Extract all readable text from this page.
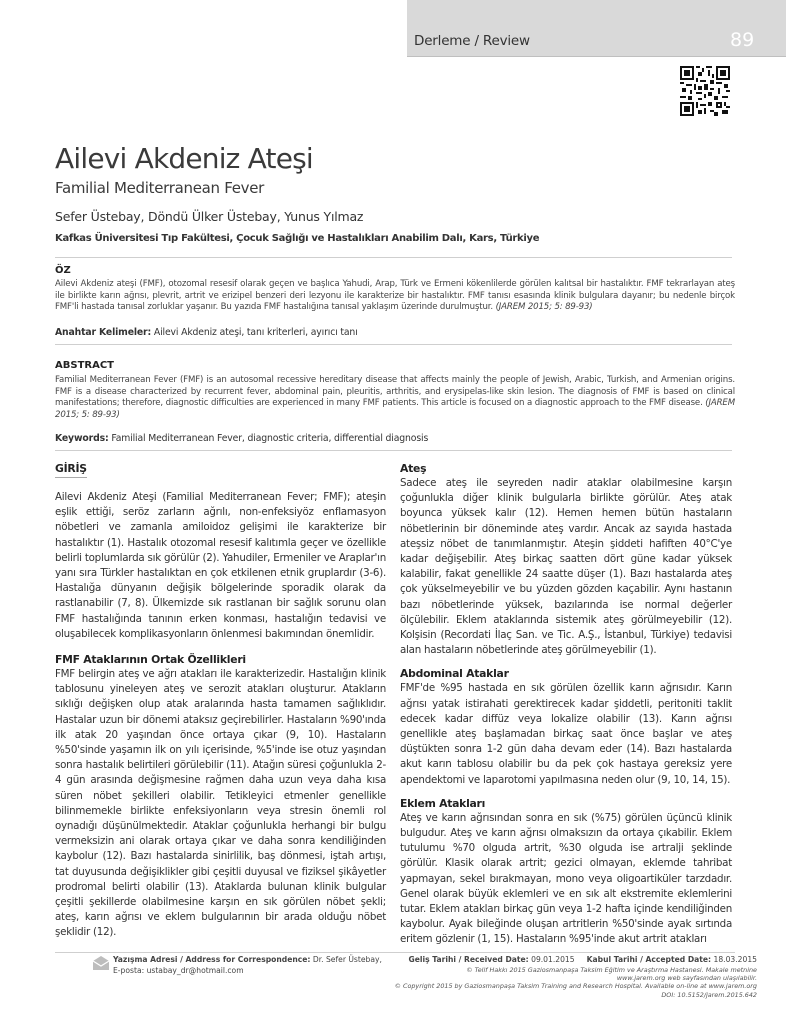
Derleme / Review	89
Ailevi Akdeniz Ateşi
Familial Mediterranean Fever
Sefer Üstebay, Döndü Ülker Üstebay, Yunus Yılmaz
Kafkas Üniversitesi Tıp Fakültesi, Çocuk Sağlığı ve Hastalıkları Anabilim Dalı, Kars, Türkiye
ÖZ
Ailevi Akdeniz ateşi (FMF), otozomal resesif olarak geçen ve başlıca Yahudi, Arap, Türk ve Ermeni kökenlilerde görülen kalıtsal bir hastalıktır. FMF tekrarlayan ateş ile birlikte karın ağrısı, plevrit, artrit ve erizipel benzeri deri lezyonu ile karakterize bir hastalıktır. FMF tanısı esasında klinik bulgulara dayanır; bu nedenle birçok FMF'li hastada tanısal zorluklar yaşanır. Bu yazıda FMF hastalığına tanısal yaklaşım üzerinde durulmuştur. (JAREM 2015; 5: 89-93)
Anahtar Kelimeler: Ailevi Akdeniz ateşi, tanı kriterleri, ayırıcı tanı
ABSTRACT
Familial Mediterranean Fever (FMF) is an autosomal recessive hereditary disease that affects mainly the people of Jewish, Arabic, Turkish, and Armenian origins. FMF is a disease characterized by recurrent fever, abdominal pain, pleuritis, arthritis, and erysipelas-like skin lesion. The diagnosis of FMF is based on clinical manifestations; therefore, diagnostic difficulties are experienced in many FMF patients. This article is focused on a diagnostic approach to the FMF disease. (JAREM 2015; 5: 89-93)
Keywords: Familial Mediterranean Fever, diagnostic criteria, differential diagnosis
GİRİŞ

Ailevi Akdeniz Ateşi (Familial Mediterranean Fever; FMF); ateşin eşlik ettiği, seröz zarların ağrılı, non-enfeksiyöz enflamasyon nöbetleri ve zamanla amiloidoz gelişimi ile karakterize bir hastalıktır (1). Hastalık otozomal resesif kalıtımla geçer ve özellikle belirli toplumlarda sık görülür (2). Yahudiler, Ermeniler ve Araplar'ın yanı sıra Türkler hastalıktan en çok etkilenen etnik gruplardır (3-6). Hastalığa dünyanın değişik bölgelerinde sporadik olarak da rastlanabilir (7, 8). Ülkemizde sık rastlanan bir sağlık sorunu olan FMF hastalığında tanının erken konması, hastalığın tedavisi ve oluşabilecek komplikasyonların önlenmesi bakımından önemlidir.

FMF Ataklarının Ortak Özellikleri

FMF belirgin ateş ve ağrı atakları ile karakterizedir. Hastalığın klinik tablosunu yineleyen ateş ve serozit atakları oluşturur. Atakların sıklığı değişken olup atak aralarında hasta tamamen sağlıklıdır. Hastalar uzun bir dönemi ataksız geçirebilirler. Hastaların %90'ında ilk atak 20 yaşından önce ortaya çıkar (9, 10). Hastaların %50'sinde yaşamın ilk on yılı içerisinde, %5'inde ise otuz yaşından sonra hastalık belirtileri görülebilir (11). Atağın süresi çoğunlukla 2-4 gün arasında değişmesine rağmen daha uzun veya daha kısa süren nöbet şekilleri olabilir. Tetikleyici etmenler genellikle bilinmemekle birlikte enfeksiyonların veya stresin önemli rol oynadığı düşünülmektedir. Ataklar çoğunlukla herhangi bir bulgu vermeksizin ani olarak ortaya çıkar ve daha sonra kendiliğinden kaybolur (12). Bazı hastalarda sinirlilik, baş dönmesi, iştah artışı, tat duyusunda değişiklikler gibi çeşitli duyusal ve fiziksel şikâyetler prodromal belirti olabilir (13). Ataklarda bulunan klinik bulgular çeşitli şekillerde olabilmesine karşın en sık görülen nöbet şekli; ateş, karın ağrısı ve eklem bulgularının bir arada olduğu nöbet şeklidir (12).

Ateş

Sadece ateş ile seyreden nadir ataklar olabilmesine karşın çoğunlukla diğer klinik bulgularla birlikte görülür. Ateş atak boyunca yüksek kalır (12). Hemen hemen bütün hastaların nöbetlerinin bir döneminde ateş vardır. Ancak az sayıda hastada ateşsiz nöbet de tanımlanmıştır. Ateşin şiddeti hafiften 40°C'ye kadar değişebilir. Ateş birkaç saatten dört güne kadar yüksek kalabilir, fakat genellikle 24 saatte düşer (1). Bazı hastalarda ateş çok yükselmeyebilir ve bu yüzden gözden kaçabilir. Aynı hastanın bazı nöbetlerinde yüksek, bazılarında ise normal değerler ölçülebilir. Eklem ataklarında sistemik ateş görülmeyebilir (12). Kolşisin (Recordati İlaç San. ve Tic. A.Ş., İstanbul, Türkiye) tedavisi alan hastaların nöbetlerinde ateş görülmeyebilir (1).

Abdominal Ataklar

FMF'de %95 hastada en sık görülen özellik karın ağrısıdır. Karın ağrısı yatak istirahati gerektirecek kadar şiddetli, peritoniti taklit edecek kadar diffüz veya lokalize olabilir (13). Karın ağrısı genellikle ateş başlamadan birkaç saat önce başlar ve ateş düştükten sonra 1-2 gün daha devam eder (14). Bazı hastalarda akut karın tablosu olabilir bu da pek çok hastaya gereksiz yere apendektomi ve laparotomi yapılmasına neden olur (9, 10, 14, 15).

Eklem Atakları

Ateş ve karın ağrısından sonra en sık (%75) görülen üçüncü klinik bulgudur. Ateş ve karın ağrısı olmaksızın da ortaya çıkabilir. Eklem tutulumu %70 olguda artrit, %30 olguda ise artralji şeklinde görülür. Klasik olarak artrit; gezici olmayan, eklemde tahribat yapmayan, sekel bırakmayan, mono veya oligoartiküler tarzdadır. Genel olarak büyük eklemleri ve en sık alt ekstremite eklemlerini tutar. Eklem atakları birkaç gün veya 1-2 hafta içinde kendiliğinden kaybolur. Ayak bileğinde oluşan artritlerin %50'sinde ayak sırtında eritem gözlenir (1, 15). Hastaların %95'inde akut artrit atakları

Yazışma Adresi / Address for Correspondence: Dr. Sefer Üstebay,
E-posta: ustabay_dr@hotmail.com
Geliş Tarihi / Received Date: 09.01.2015 Kabul Tarihi / Accepted Date: 18.03.2015
© Telif Hakkı 2015 Gaziosmanpaşa Taksim Eğitim ve Araştırma Hastanesi. Makale metnine
www.jarem.org web sayfasından ulaşılabilir.
© Copyright 2015 by Gaziosmanpaşa Taksim Training and Research Hospital. Available on-line at www.jarem.org
DOI: 10.5152/jarem.2015.642
